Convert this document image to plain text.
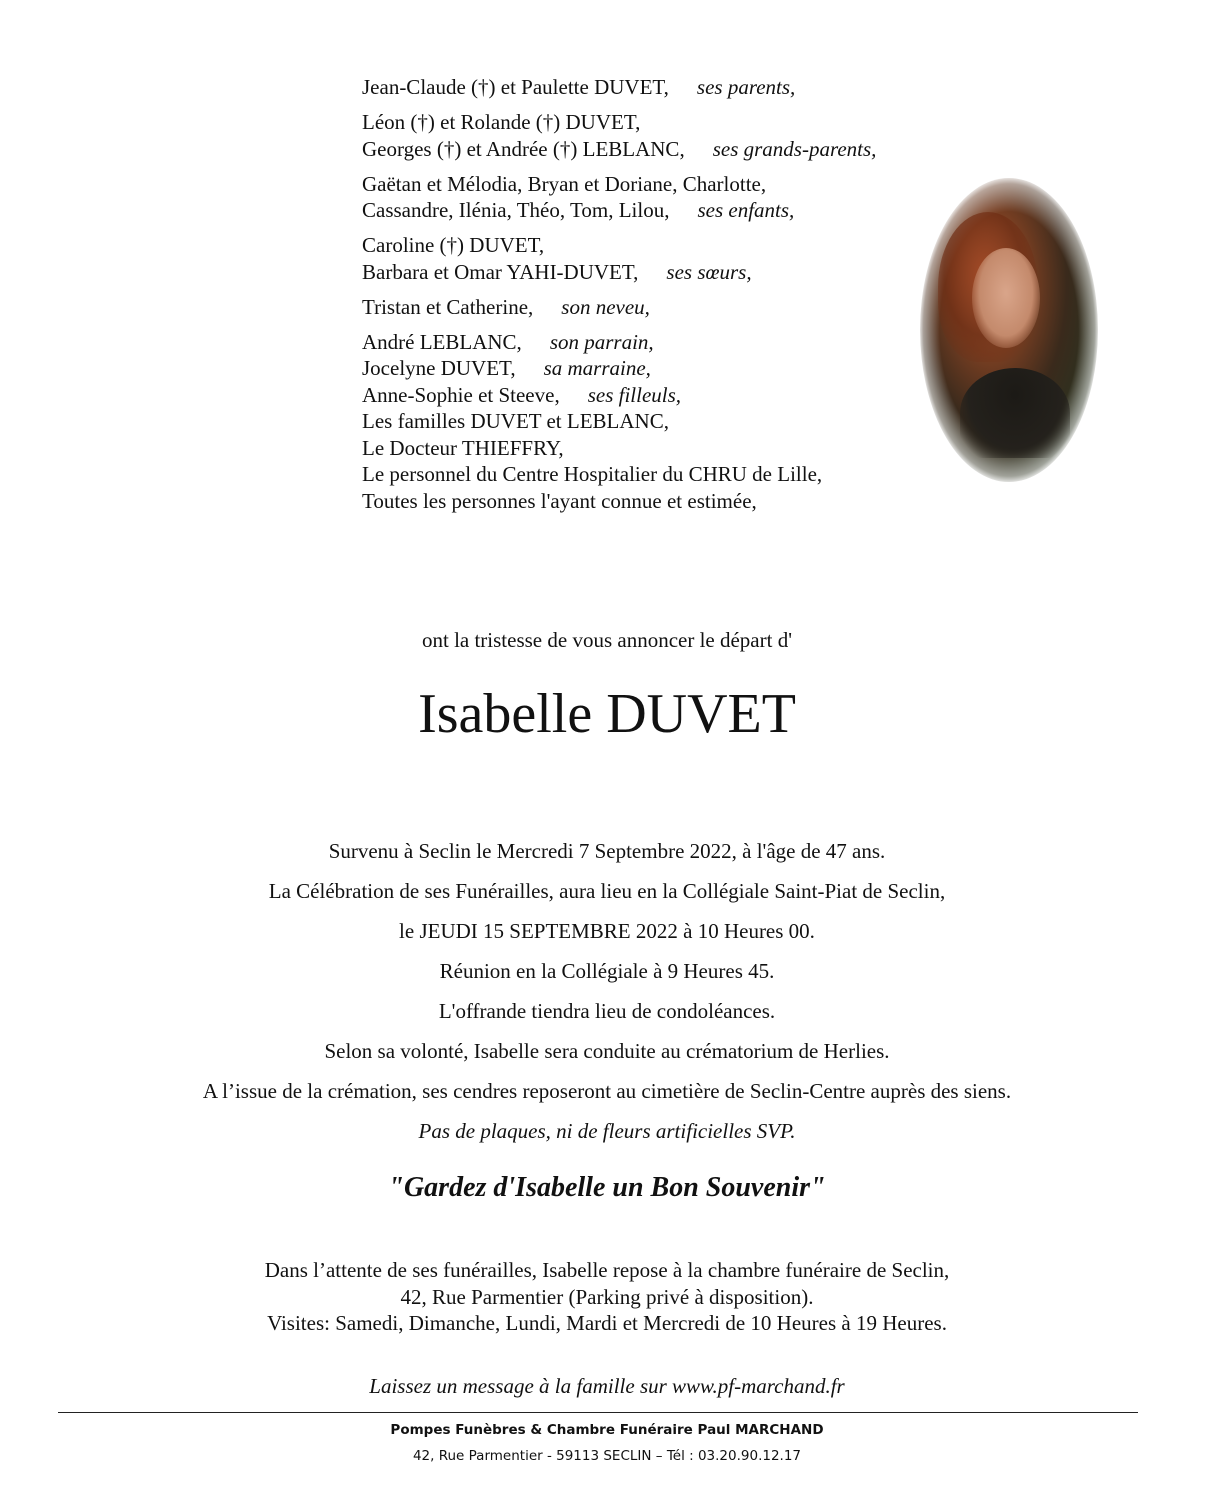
Jean-Claude (†) et Paulette DUVET, ses parents,
Léon (†) et Rolande (†) DUVET,
Georges (†) et Andrée (†) LEBLANC, ses grands-parents,
Gaëtan et Mélodia, Bryan et Doriane, Charlotte,
Cassandre, Ilénia, Théo, Tom, Lilou, ses enfants,
Caroline (†) DUVET,
Barbara et Omar YAHI-DUVET, ses sœurs,
Tristan et Catherine, son neveu,
André LEBLANC, son parrain,
Jocelyne DUVET, sa marraine,
Anne-Sophie et Steeve, ses filleuls,
Les familles DUVET et LEBLANC,
Le Docteur THIEFFRY,
Le personnel du Centre Hospitalier du CHRU de Lille,
Toutes les personnes l'ayant connue et estimée,
ont la tristesse de vous annoncer le départ d'
Isabelle DUVET
Survenu à Seclin le Mercredi 7 Septembre 2022, à l'âge de 47 ans.
La Célébration de ses Funérailles, aura lieu en la Collégiale Saint-Piat de Seclin,
le JEUDI 15 SEPTEMBRE 2022 à 10 Heures 00.
Réunion en la Collégiale à 9 Heures 45.
L'offrande tiendra lieu de condoléances.
Selon sa volonté, Isabelle sera conduite au crématorium de Herlies.
A l’issue de la crémation, ses cendres reposeront au cimetière de Seclin-Centre auprès des siens.
Pas de plaques, ni de fleurs artificielles SVP.
"Gardez d'Isabelle un Bon Souvenir"
Dans l’attente de ses funérailles, Isabelle repose à la chambre funéraire de Seclin,
42, Rue Parmentier (Parking privé à disposition).
Visites: Samedi, Dimanche, Lundi, Mardi et Mercredi de 10 Heures à 19 Heures.
Laissez un message à la famille sur www.pf-marchand.fr
Pompes Funèbres & Chambre Funéraire Paul MARCHAND
42, Rue Parmentier - 59113 SECLIN – Tél : 03.20.90.12.17
